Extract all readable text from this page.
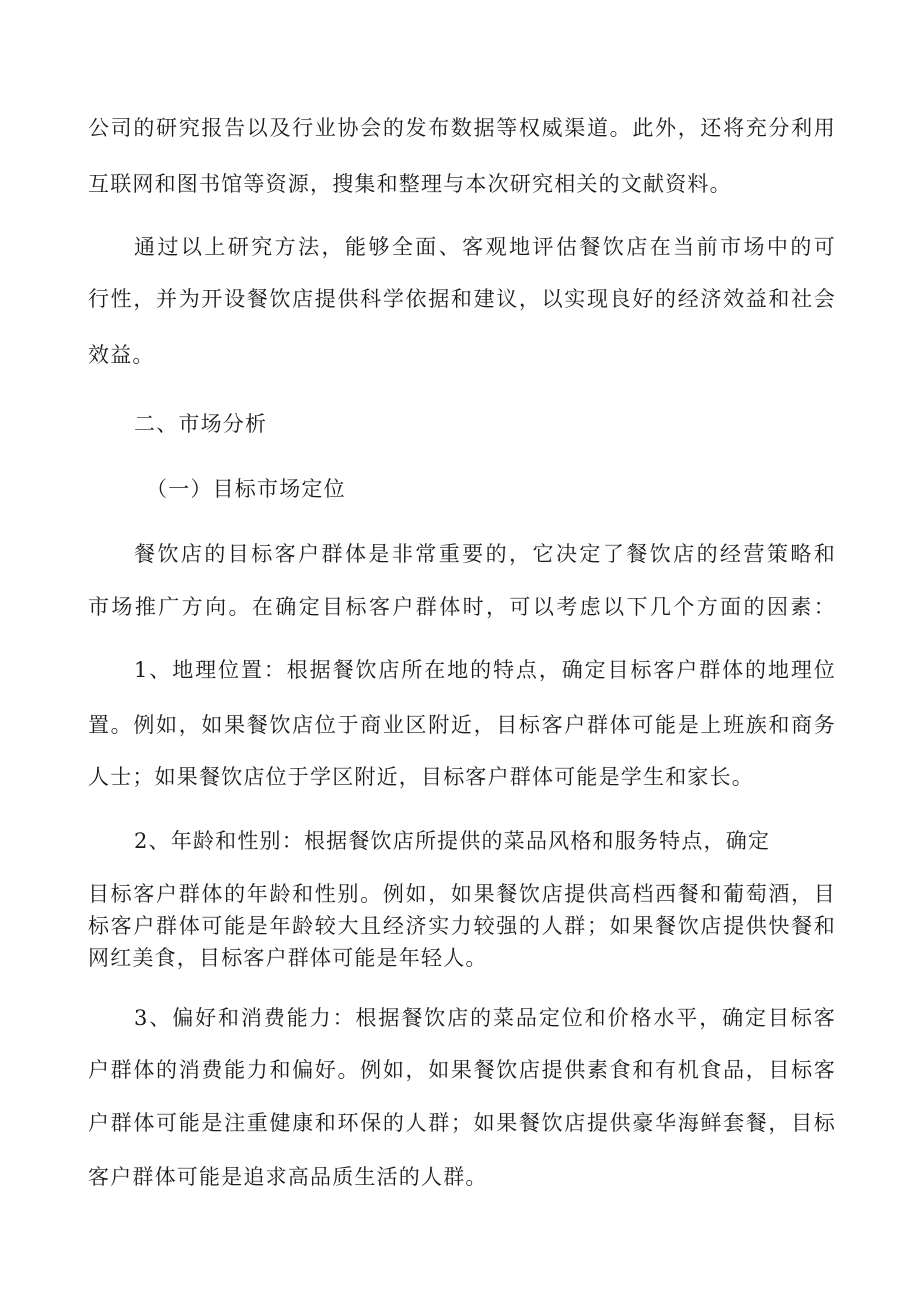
公司的研究报告以及行业协会的发布数据等权威渠道。此外，还将充分利用
互联网和图书馆等资源，搜集和整理与本次研究相关的文献资料。
通过以上研究方法，能够全面、客观地评估餐饮店在当前市场中的可
行性，并为开设餐饮店提供科学依据和建议，以实现良好的经济效益和社会
效益。
二、市场分析
（一）目标市场定位
餐饮店的目标客户群体是非常重要的，它决定了餐饮店的经营策略和
市场推广方向。在确定目标客户群体时，可以考虑以下几个方面的因素：
1、地理位置：根据餐饮店所在地的特点，确定目标客户群体的地理位
置。例如，如果餐饮店位于商业区附近，目标客户群体可能是上班族和商务
人士；如果餐饮店位于学区附近，目标客户群体可能是学生和家长。
2、年龄和性别：根据餐饮店所提供的菜品风格和服务特点，确定
目标客户群体的年龄和性别。例如，如果餐饮店提供高档西餐和葡萄酒，目
标客户群体可能是年龄较大且经济实力较强的人群；如果餐饮店提供快餐和
网红美食，目标客户群体可能是年轻人。
3、偏好和消费能力：根据餐饮店的菜品定位和价格水平，确定目标客
户群体的消费能力和偏好。例如，如果餐饮店提供素食和有机食品，目标客
户群体可能是注重健康和环保的人群；如果餐饮店提供豪华海鲜套餐，目标
客户群体可能是追求高品质生活的人群。
